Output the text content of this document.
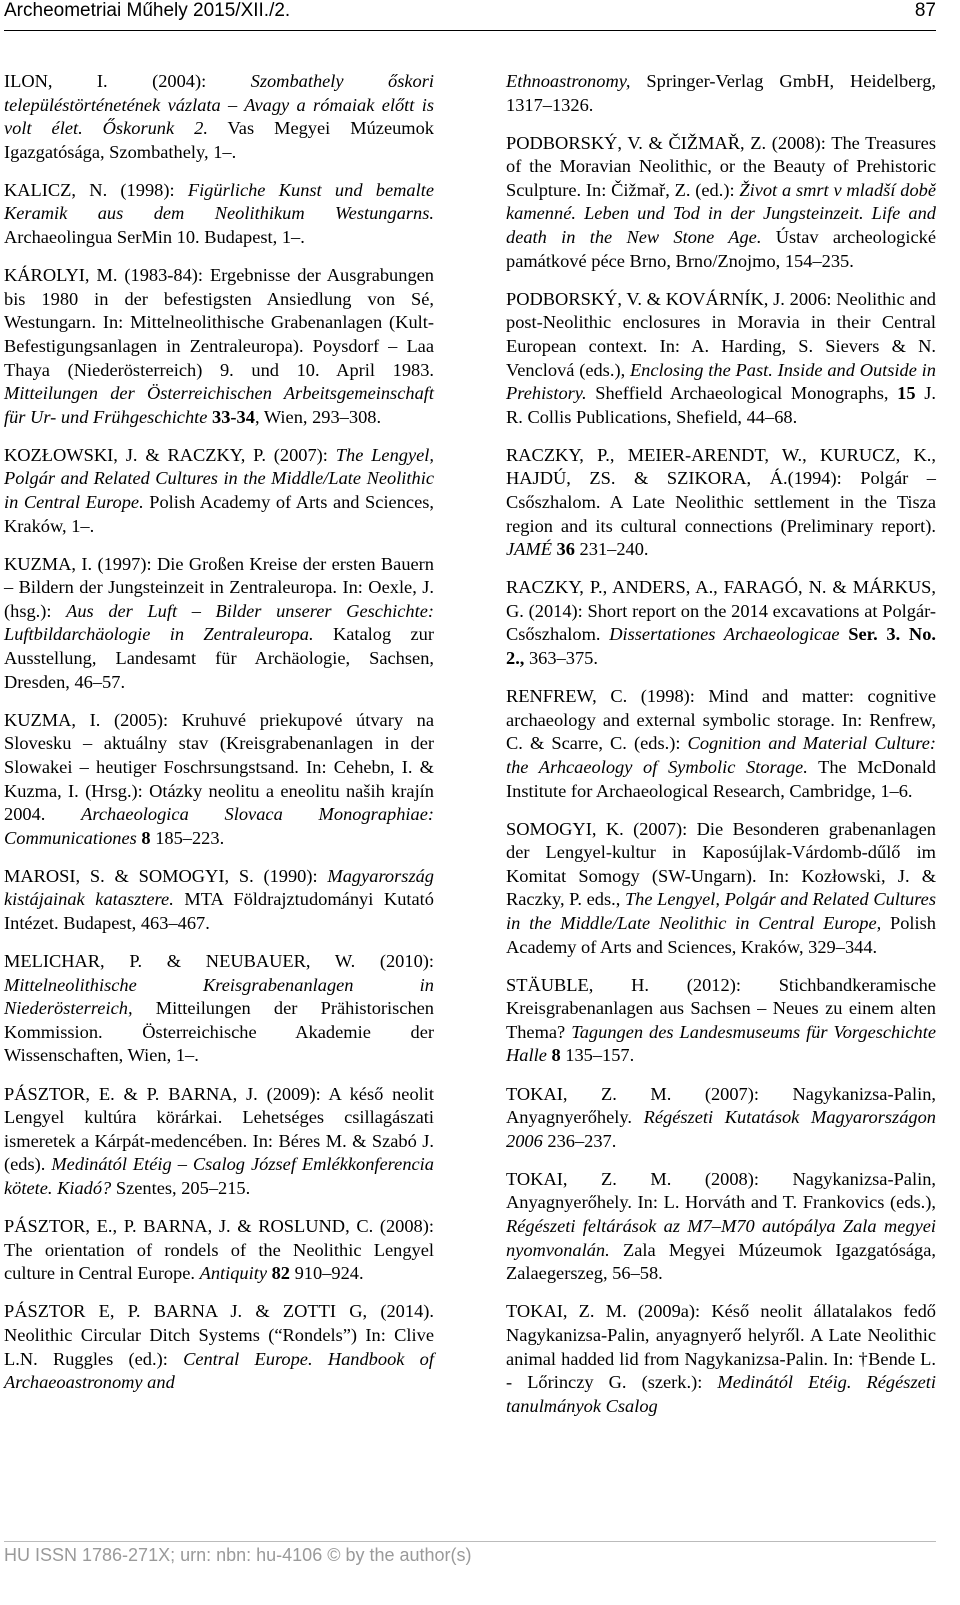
Archeometriai Műhely 2015/XII./2.	87

ILON, I. (2004): Szombathely őskori településtörténetének vázlata – Avagy a rómaiak előtt is volt élet. Őskorunk 2. Vas Megyei Múzeumok Igazgatósága, Szombathely, 1–.

KALICZ, N. (1998): Figürliche Kunst und bemalte Keramik aus dem Neolithikum Westungarns. Archaeolingua SerMin 10. Budapest, 1–.

KÁROLYI, M. (1983-84): Ergebnisse der Ausgrabungen bis 1980 in der befestigsten Ansiedlung von Sé, Westungarn. In: Mittelneolithische Grabenanlagen (Kult-Befestigungsanlagen in Zentraleuropa). Poysdorf – Laa Thaya (Niederösterreich) 9. und 10. April 1983. Mitteilungen der Österreichischen Arbeitsgemeinschaft für Ur- und Frühgeschichte 33-34, Wien, 293–308.

KOZŁOWSKI, J. & RACZKY, P. (2007): The Lengyel, Polgár and Related Cultures in the Middle/Late Neolithic in Central Europe. Polish Academy of Arts and Sciences, Kraków, 1–.

KUZMA, I. (1997): Die Großen Kreise der ersten Bauern – Bildern der Jungsteinzeit in Zentraleuropa. In: Oexle, J. (hsg.): Aus der Luft – Bilder unserer Geschichte: Luftbildarchäologie in Zentraleuropa. Katalog zur Ausstellung, Landesamt für Archäologie, Sachsen, Dresden, 46–57.

KUZMA, I. (2005): Kruhuvé priekupové útvary na Slovesku – aktuálny stav (Kreisgrabenanlagen in der Slowakei – heutiger Foschrsungstsand. In: Cehebn, I. & Kuzma, I. (Hrsg.): Otázky neolitu a eneolitu naših krajín 2004. Archaeologica Slovaca Monographiae: Communicationes 8 185–223.

MAROSI, S. & SOMOGYI, S. (1990): Magyarország kistájainak katasztere. MTA Földrajztudományi Kutató Intézet. Budapest, 463–467.

MELICHAR, P. & NEUBAUER, W. (2010): Mittelneolithische Kreisgrabenanlagen in Niederösterreich, Mitteilungen der Prähistorischen Kommission. Österreichische Akademie der Wissenschaften, Wien, 1–.

PÁSZTOR, E. & P. BARNA, J. (2009): A késő neolit Lengyel kultúra körárkai. Lehetséges csillagászati ismeretek a Kárpát-medencében. In: Béres M. & Szabó J. (eds). Medinától Etéig – Csalog József Emlékkonferencia kötete. Kiadó? Szentes, 205–215.

PÁSZTOR, E., P. BARNA, J. & ROSLUND, C. (2008): The orientation of rondels of the Neolithic Lengyel culture in Central Europe. Antiquity 82 910–924.

PÁSZTOR E, P. BARNA J. & ZOTTI G, (2014). Neolithic Circular Ditch Systems (“Rondels”) In: Clive L.N. Ruggles (ed.): Central Europe. Handbook of Archaeoastronomy and

Ethnoastronomy, Springer-Verlag GmbH, Heidelberg, 1317–1326.

PODBORSKÝ, V. & ČIŽMAŘ, Z. (2008): The Treasures of the Moravian Neolithic, or the Beauty of Prehistoric Sculpture. In: Čižmař, Z. (ed.): Život a smrt v mladší době kamenné. Leben und Tod in der Jungsteinzeit. Life and death in the New Stone Age. Ústav archeologické památkové péce Brno, Brno/Znojmo, 154–235.

PODBORSKÝ, V. & KOVÁRNÍK, J. 2006: Neolithic and post-Neolithic enclosures in Moravia in their Central European context. In: A. Harding, S. Sievers & N. Venclová (eds.), Enclosing the Past. Inside and Outside in Prehistory. Sheffield Archaeological Monographs, 15 J. R. Collis Publications, Shefield, 44–68.

RACZKY, P., MEIER-ARENDT, W., KURUCZ, K., HAJDÚ, ZS. & SZIKORA, Á.(1994): Polgár – Csőszhalom. A Late Neolithic settlement in the Tisza region and its cultural connections (Preliminary report). JAMÉ 36 231–240.

RACZKY, P., ANDERS, A., FARAGÓ, N. & MÁRKUS, G. (2014): Short report on the 2014 excavations at Polgár-Csőszhalom. Dissertationes Archaeologicae Ser. 3. No. 2., 363–375.

RENFREW, C. (1998): Mind and matter: cognitive archaeology and external symbolic storage. In: Renfrew, C. & Scarre, C. (eds.): Cognition and Material Culture: the Arhcaeology of Symbolic Storage. The McDonald Institute for Archaeological Research, Cambridge, 1–6.

SOMOGYI, K. (2007): Die Besonderen grabenanlagen der Lengyel-kultur in Kaposújlak-Várdomb-dűlő im Komitat Somogy (SW-Ungarn). In: Kozłowski, J. & Raczky, P. eds., The Lengyel, Polgár and Related Cultures in the Middle/Late Neolithic in Central Europe, Polish Academy of Arts and Sciences, Kraków, 329–344.

STÄUBLE, H. (2012): Stichbandkeramische Kreisgrabenanlagen aus Sachsen – Neues zu einem alten Thema? Tagungen des Landesmuseums für Vorgeschichte Halle 8 135–157.

TOKAI, Z. M. (2007): Nagykanizsa-Palin, Anyagnyerőhely. Régészeti Kutatások Magyarországon 2006 236–237.

TOKAI, Z. M. (2008): Nagykanizsa-Palin, Anyagnyerőhely. In: L. Horváth and T. Frankovics (eds.), Régészeti feltárások az M7–M70 autópálya Zala megyei nyomvonalán. Zala Megyei Múzeumok Igazgatósága, Zalaegerszeg, 56–58.

TOKAI, Z. M. (2009a): Késő neolit állatalakos fedő Nagykanizsa-Palin, anyagnyerő helyről. A Late Neolithic animal hadded lid from Nagykanizsa-Palin. In: †Bende L. - Lőrinczy G. (szerk.): Medinától Etéig. Régészeti tanulmányok Csalog

HU ISSN 1786-271X; urn: nbn: hu-4106 © by the author(s)
